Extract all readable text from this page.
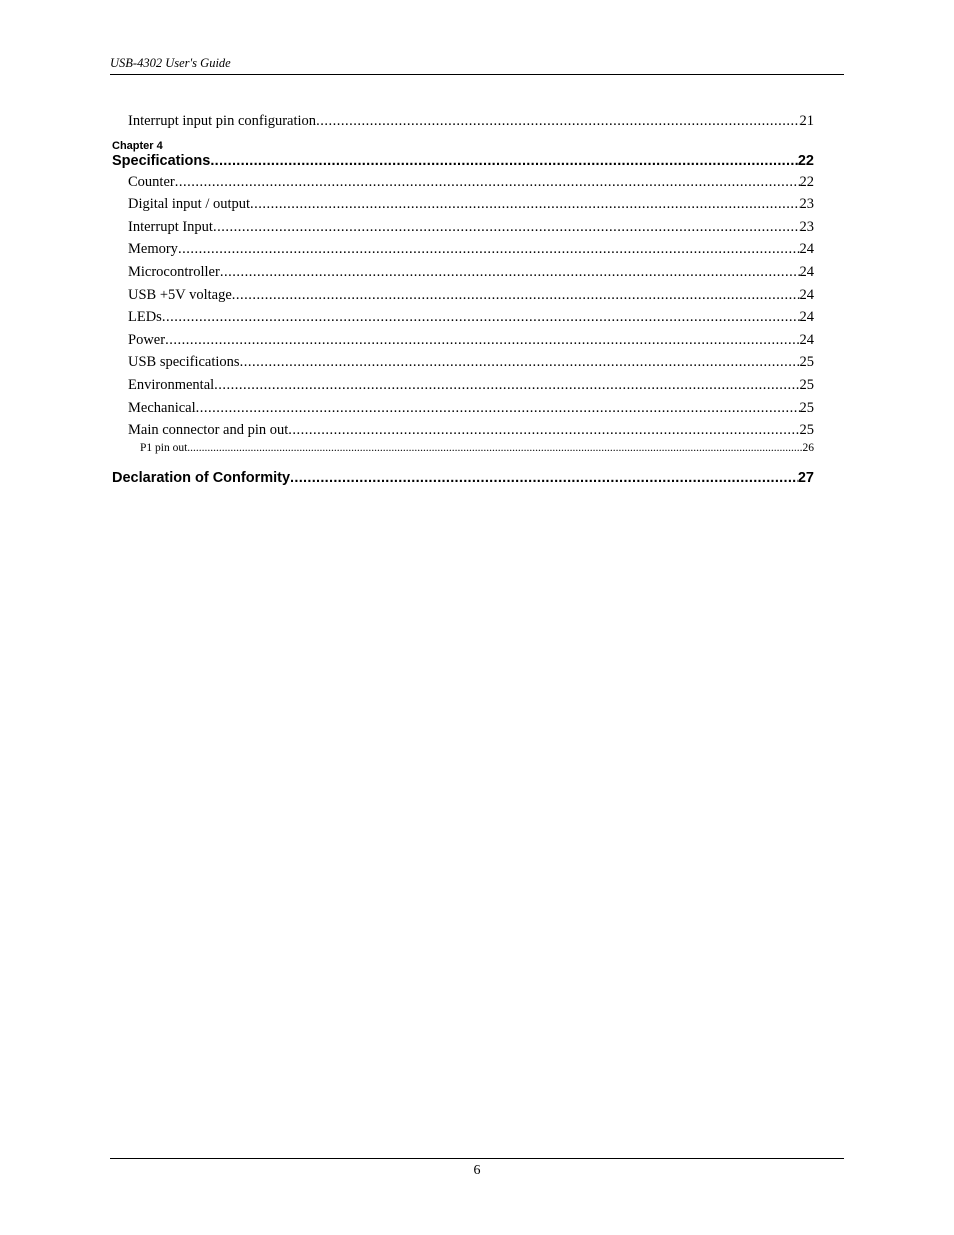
USB-4302 User's Guide
Interrupt input pin configuration .....	21
Chapter 4
Specifications .....	22
Counter .....	22
Digital input / output .....	23
Interrupt Input .....	23
Memory .....	24
Microcontroller .....	24
USB +5V voltage .....	24
LEDs .....	24
Power .....	24
USB specifications .....	25
Environmental .....	25
Mechanical .....	25
Main connector and pin out .....	25
P1 pin out .....	26
Declaration of Conformity .....	27
6
